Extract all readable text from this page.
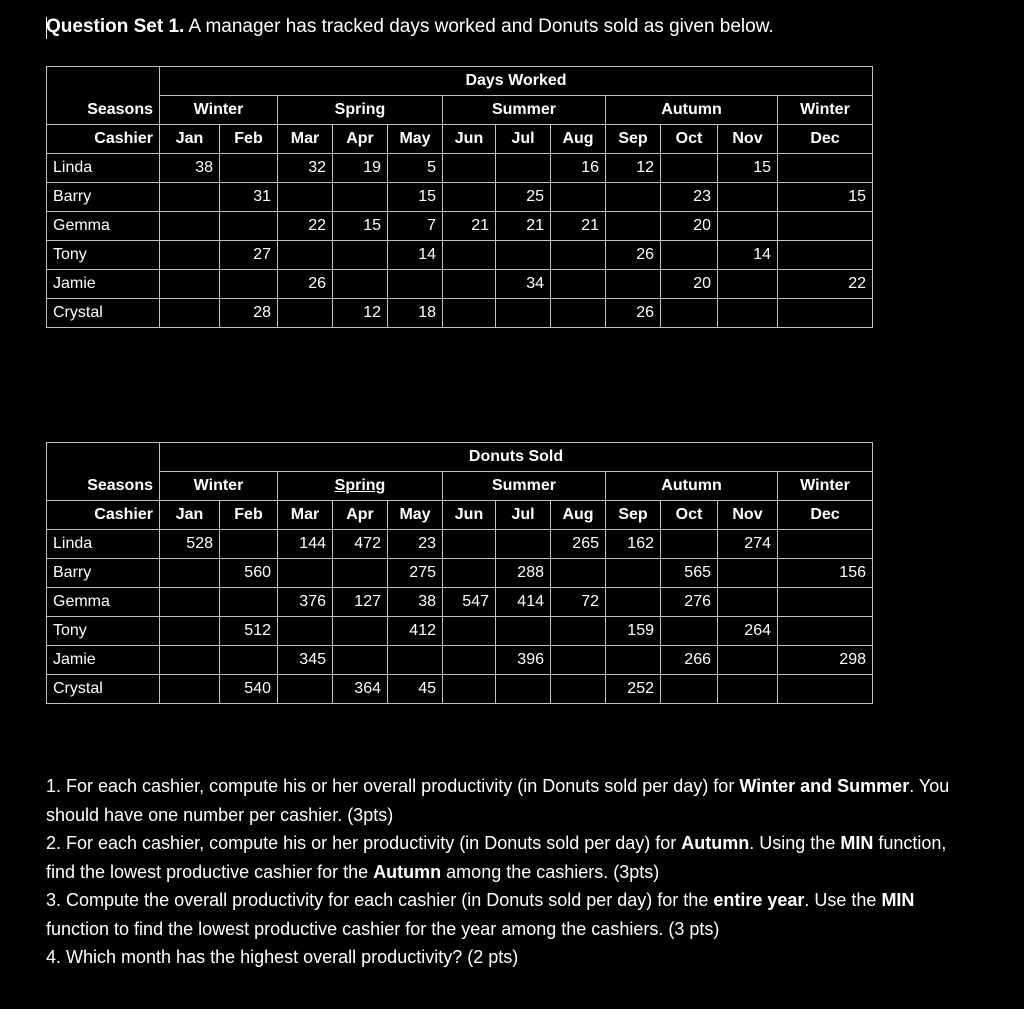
Question Set 1. A manager has tracked days worked and Donuts sold as given below.
	Days Worked											
Seasons	Winter		Spring			Summer			Autumn			Winter
Cashier	Jan	Feb	Mar	Apr	May	Jun	Jul	Aug	Sep	Oct	Nov	Dec
Linda	38		32	19	5			16	12		15	
Barry		31			15		25			23		15
Gemma			22	15	7	21	21	21		20		
Tony		27			14				26		14	
Jamie			26				34			20		22
Crystal		28		12	18				26			
	Donuts Sold											
Seasons	Winter		Spring			Summer			Autumn			Winter
Cashier	Jan	Feb	Mar	Apr	May	Jun	Jul	Aug	Sep	Oct	Nov	Dec
Linda	528		144	472	23			265	162		274	
Barry		560			275		288			565		156
Gemma			376	127	38	547	414	72		276		
Tony		512			412				159		264	
Jamie			345				396			266		298
Crystal		540		364	45				252			
1. For each cashier, compute his or her overall productivity (in Donuts sold per day) for Winter and Summer. You should have one number per cashier. (3pts)
2. For each cashier, compute his or her productivity (in Donuts sold per day) for Autumn. Using the MIN function, find the lowest productive cashier for the Autumn among the cashiers. (3pts)
3. Compute the overall productivity for each cashier (in Donuts sold per day) for the entire year. Use the MIN function to find the lowest productive cashier for the year among the cashiers. (3 pts)
4. Which month has the highest overall productivity? (2 pts)
